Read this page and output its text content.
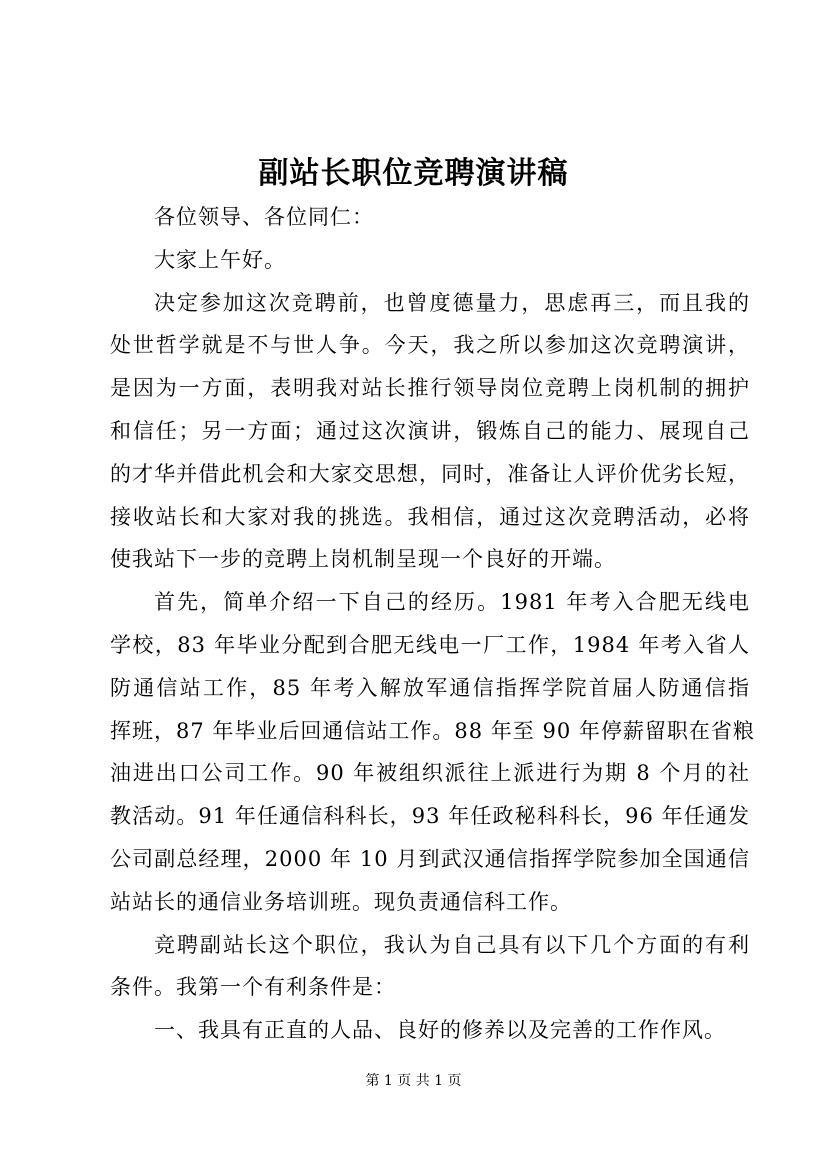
副站长职位竞聘演讲稿
各位领导、各位同仁：
大家上午好。
决定参加这次竞聘前，也曾度德量力，思虑再三，而且我的
处世哲学就是不与世人争。今天，我之所以参加这次竞聘演讲，
是因为一方面，表明我对站长推行领导岗位竞聘上岗机制的拥护
和信任；另一方面；通过这次演讲，锻炼自己的能力、展现自己
的才华并借此机会和大家交思想，同时，准备让人评价优劣长短，
接收站长和大家对我的挑选。我相信，通过这次竞聘活动，必将
使我站下一步的竞聘上岗机制呈现一个良好的开端。
首先，简单介绍一下自己的经历。1981 年考入合肥无线电
学校，83 年毕业分配到合肥无线电一厂工作，1984 年考入省人
防通信站工作，85 年考入解放军通信指挥学院首届人防通信指
挥班，87 年毕业后回通信站工作。88 年至 90 年停薪留职在省粮
油进出口公司工作。90 年被组织派往上派进行为期 8 个月的社
教活动。91 年任通信科科长，93 年任政秘科科长，96 年任通发
公司副总经理，2000 年 10 月到武汉通信指挥学院参加全国通信
站站长的通信业务培训班。现负责通信科工作。
竞聘副站长这个职位，我认为自己具有以下几个方面的有利
条件。我第一个有利条件是：
一、我具有正直的人品、良好的修养以及完善的工作作风。
第 1 页 共 1 页
